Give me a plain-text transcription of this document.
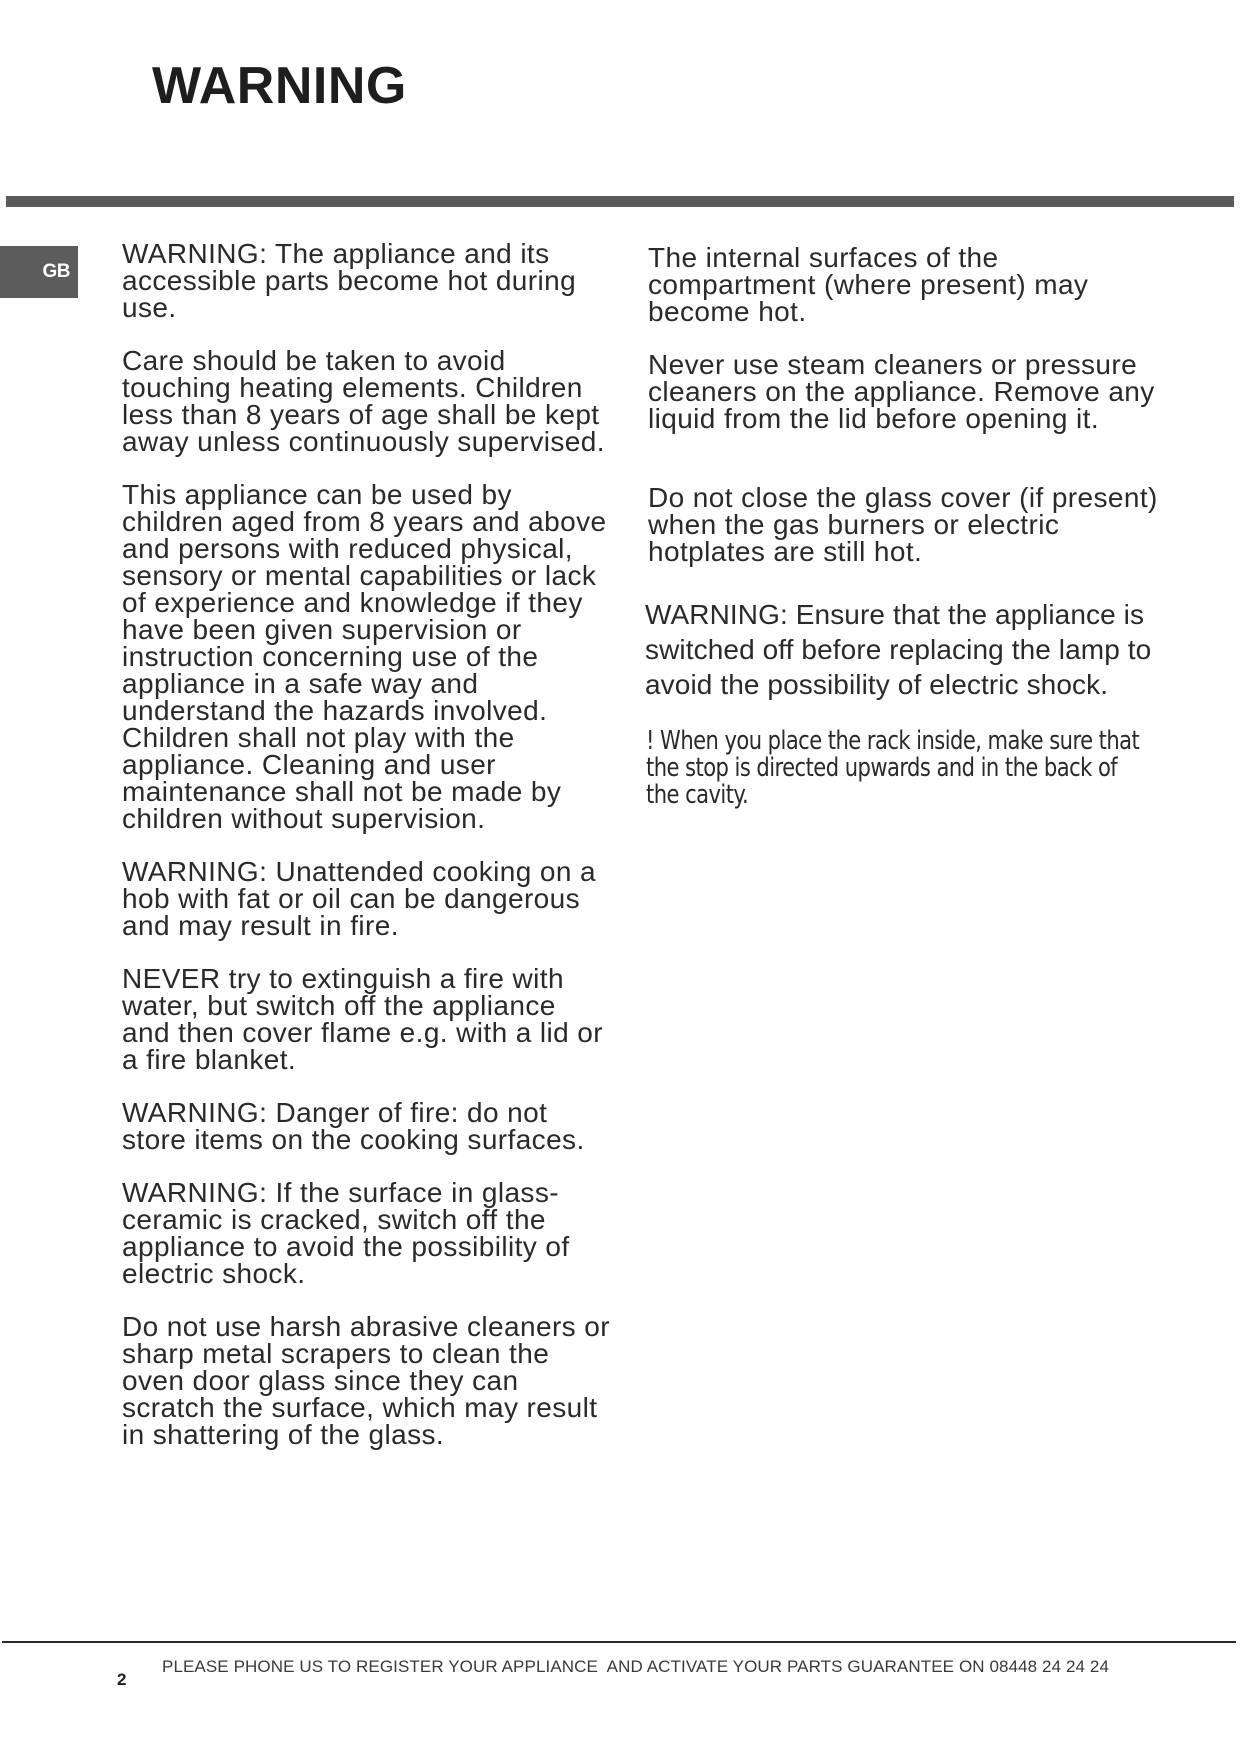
WARNING
GB

WARNING: The appliance and its accessible parts become hot during use.

Care should be taken to avoid touching heating elements. Children less than 8 years of age shall be kept away unless continuously supervised.

This appliance can be used by children aged from 8 years and above and persons with reduced physical, sensory or mental capabilities or lack of experience and knowledge if they have been given supervision or instruction concerning use of the appliance in a safe way and understand the hazards involved. Children shall not play with the appliance. Cleaning and user maintenance shall not be made by children without supervision.

WARNING: Unattended cooking on a hob with fat or oil can be dangerous and may result in fire.

NEVER try to extinguish a fire with water, but switch off the appliance and then cover flame e.g. with a lid or a fire blanket.

WARNING: Danger of fire: do not store items on the cooking surfaces.

WARNING: If the surface in glass-ceramic is cracked, switch off the appliance to avoid the possibility of electric shock.

Do not use harsh abrasive cleaners or sharp metal scrapers to clean the oven door glass since they can scratch the surface, which may result in shattering of the glass.

The internal surfaces of the compartment (where present) may become hot.

Never use steam cleaners or pressure cleaners on the appliance. Remove any liquid from the lid before opening it.

Do not close the glass cover (if present) when the gas burners or electric hotplates are still hot.

WARNING: Ensure that the appliance is switched off before replacing the lamp to avoid the possibility of electric shock.

! When you place the rack inside, make sure that the stop is directed upwards and in the back of the cavity.

2
PLEASE PHONE US TO REGISTER YOUR APPLIANCE  AND ACTIVATE YOUR PARTS GUARANTEE ON 08448 24 24 24
